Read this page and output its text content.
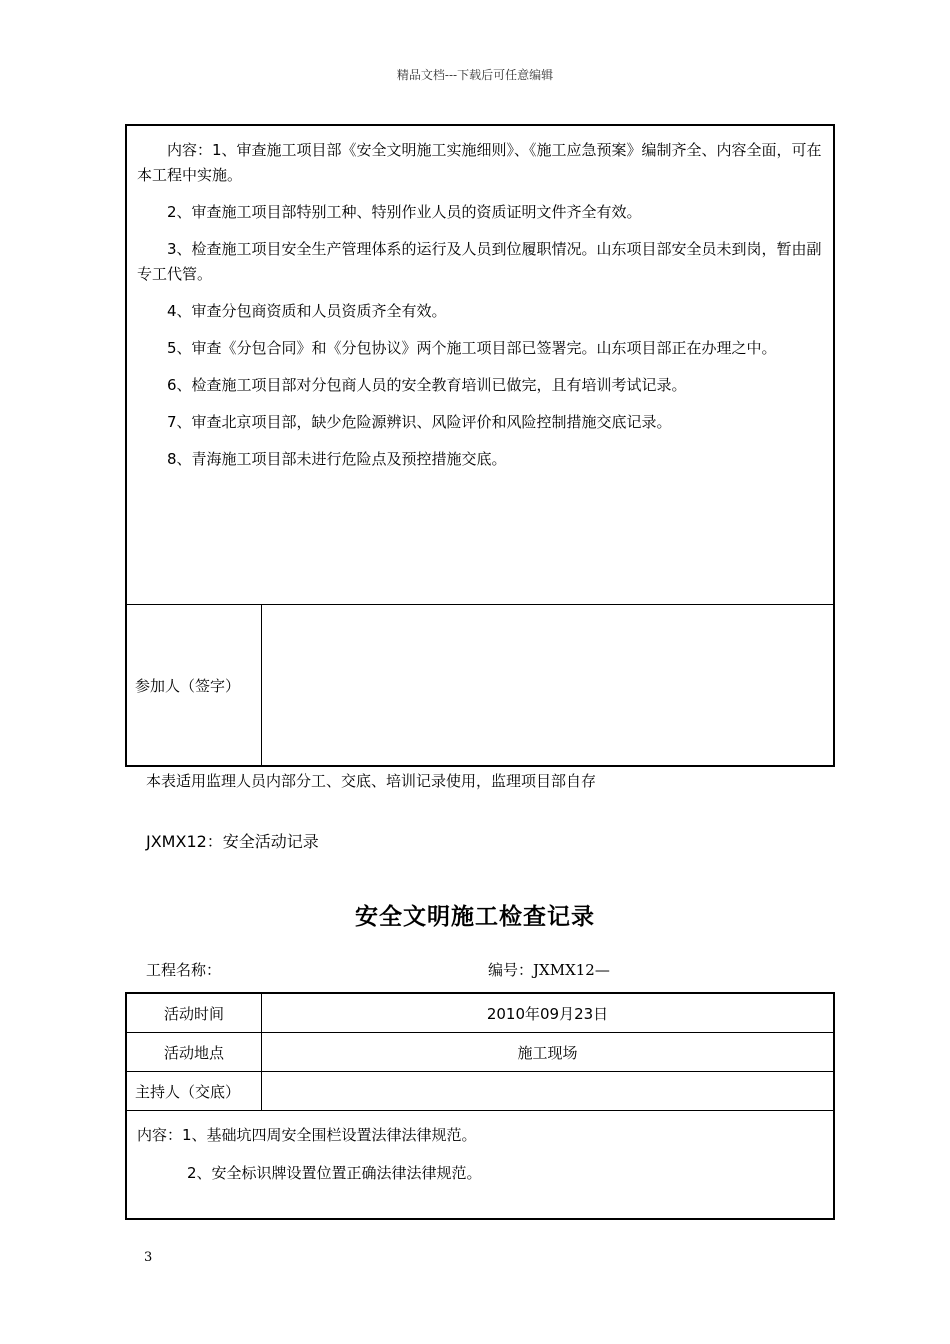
精品文档---下载后可任意编辑

内容：1、审查施工项目部《安全文明施工实施细则》、《施工应急预案》编制齐全、内容全面，可在本工程中实施。

2、审查施工项目部特别工种、特别作业人员的资质证明文件齐全有效。

3、检查施工项目安全生产管理体系的运行及人员到位履职情况。山东项目部安全员未到岗，暂由副专工代管。

4、审查分包商资质和人员资质齐全有效。

5、审查《分包合同》和《分包协议》两个施工项目部已签署完。山东项目部正在办理之中。

6、检查施工项目部对分包商人员的安全教育培训已做完，且有培训考试记录。

7、审查北京项目部，缺少危险源辨识、风险评价和风险控制措施交底记录。

8、青海施工项目部未进行危险点及预控措施交底。

参加人（签字）
本表适用监理人员内部分工、交底、培训记录使用，监理项目部自存
JXMX12：安全活动记录
安全文明施工检查记录
工程名称：	编号：JXMX12—
活动时间	2010年09月23日
活动地点	施工现场
主持人（交底）

内容：1、基础坑四周安全围栏设置法律法律规范。

2、安全标识牌设置位置正确法律法律规范。

3
